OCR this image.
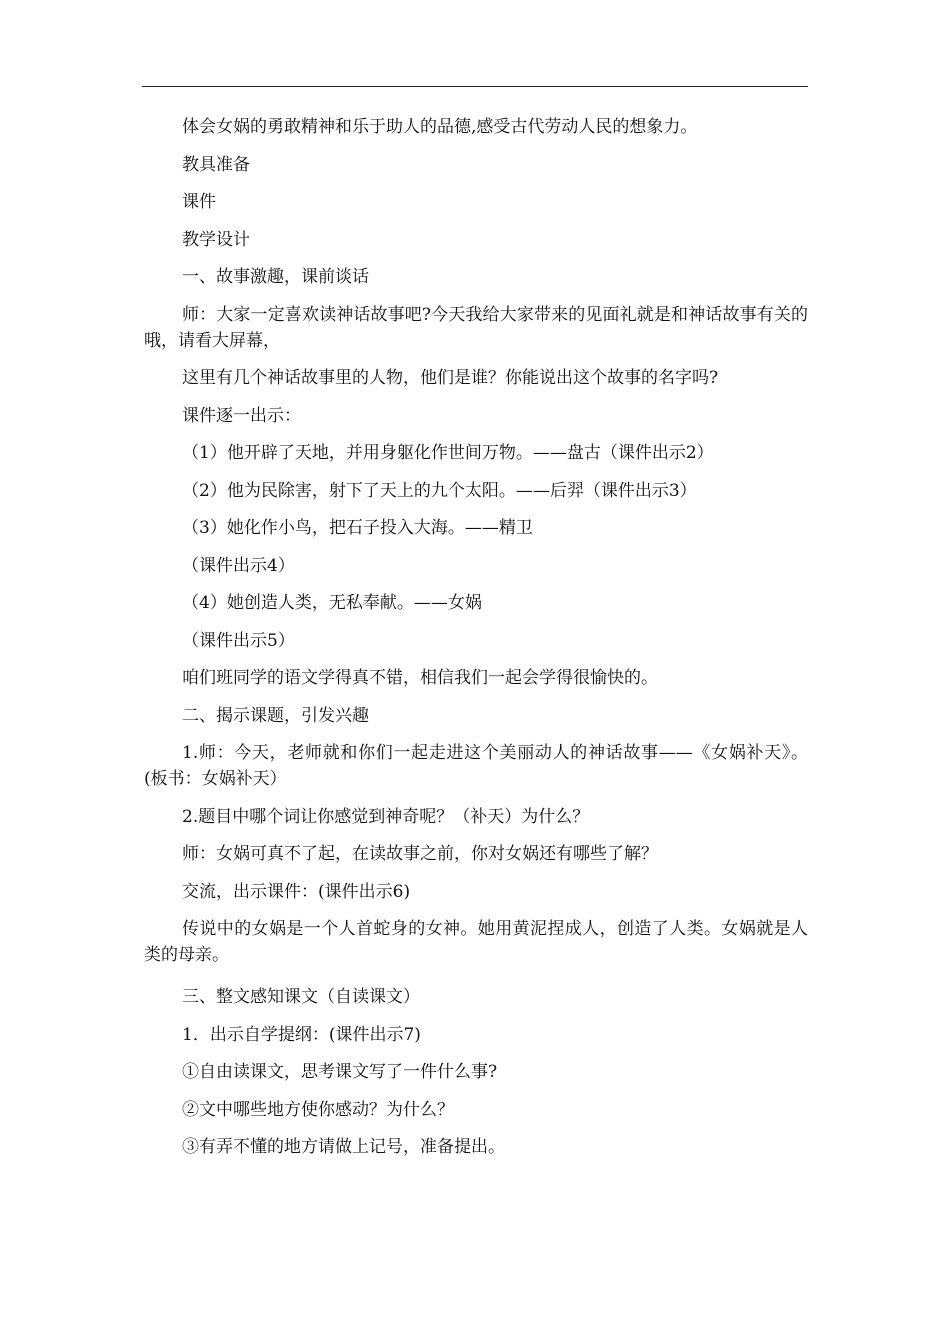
体会女娲的勇敢精神和乐于助人的品德,感受古代劳动人民的想象力。

教具准备

课件

教学设计

一、故事激趣，课前谈话

师：大家一定喜欢读神话故事吧?今天我给大家带来的见面礼就是和神话故事有关的哦，请看大屏幕，

这里有几个神话故事里的人物，他们是谁？你能说出这个故事的名字吗?

课件逐一出示：

（1）他开辟了天地，并用身躯化作世间万物。——盘古（课件出示2）

（2）他为民除害，射下了天上的九个太阳。——后羿（课件出示3）

（3）她化作小鸟，把石子投入大海。——精卫

（课件出示4）

（4）她创造人类，无私奉献。——女娲

（课件出示5）

咱们班同学的语文学得真不错，相信我们一起会学得很愉快的。

二、揭示课题，引发兴趣

1.师：今天，老师就和你们一起走进这个美丽动人的神话故事——《女娲补天》。(板书：女娲补天）

2.题目中哪个词让你感觉到神奇呢？（补天）为什么？

师：女娲可真不了起，在读故事之前，你对女娲还有哪些了解？

交流，出示课件：(课件出示6)

传说中的女娲是一个人首蛇身的女神。她用黄泥捏成人，创造了人类。女娲就是人类的母亲。

三、整文感知课文（自读课文）

1．出示自学提纲：(课件出示7)

①自由读课文，思考课文写了一件什么事?

②文中哪些地方使你感动？为什么？

③有弄不懂的地方请做上记号，准备提出。
